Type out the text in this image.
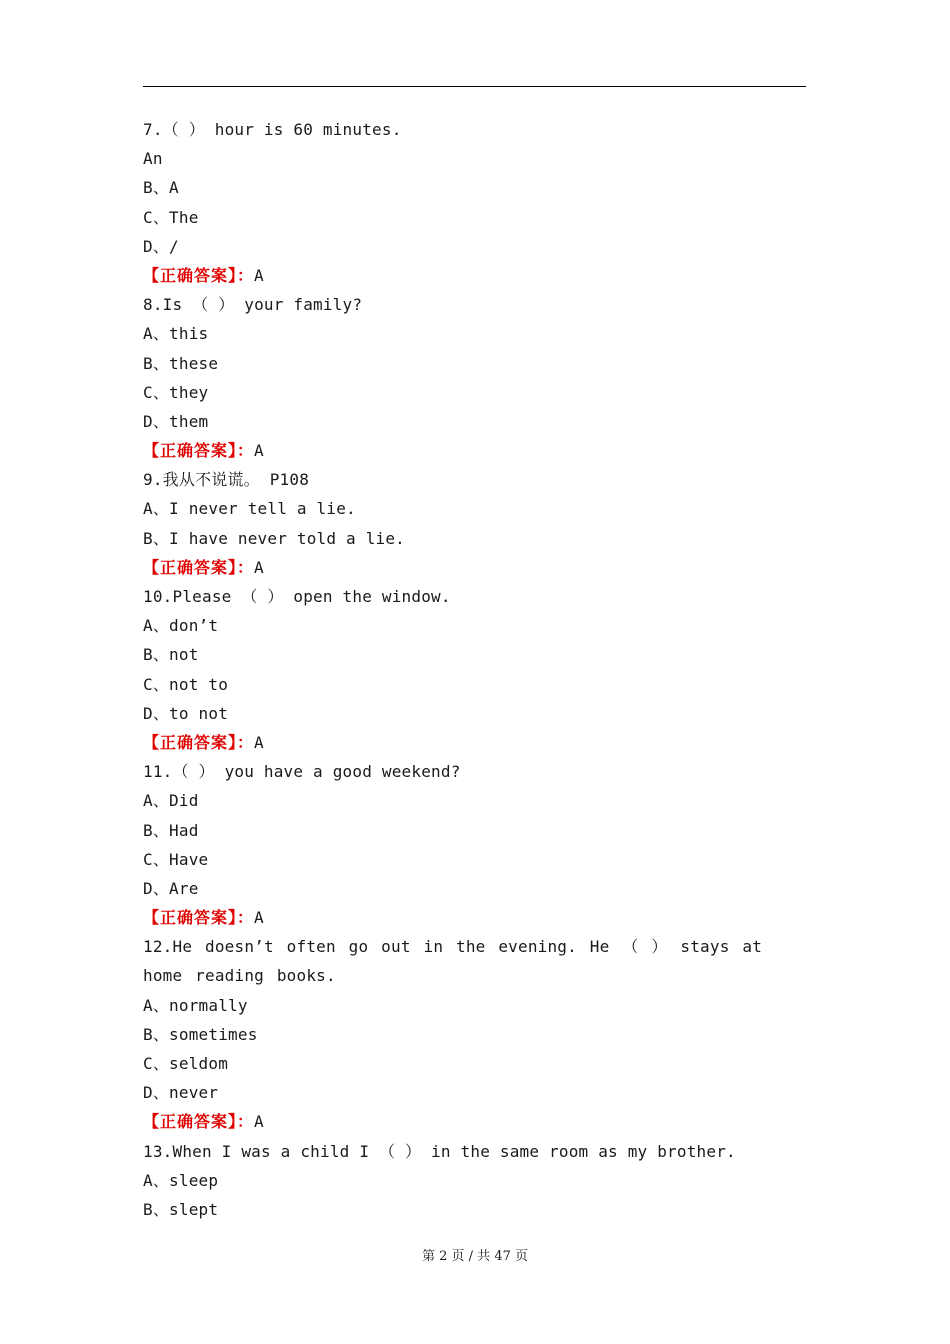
7.（ ） hour is 60 minutes.
An
B、A
C、The
D、/
【正确答案】：A
8.Is （ ） your family?
A、this
B、these
C、they
D、them
【正确答案】：A
9.我从不说谎。 P108
A、I never tell a lie.
B、I have never told a lie.
【正确答案】：A
10.Please （ ） open the window.
A、don’t
B、not
C、not to
D、to not
【正确答案】：A
11.（ ） you have a good weekend?
A、Did
B、Had
C、Have
D、Are
【正确答案】：A
12.He doesn’t often go out in the evening. He （ ） stays at home reading books.
A、normally
B、sometimes
C、seldom
D、never
【正确答案】：A
13.When I was a child I （ ） in the same room as my brother.
A、sleep
B、slept
第 2 页 / 共 47 页
